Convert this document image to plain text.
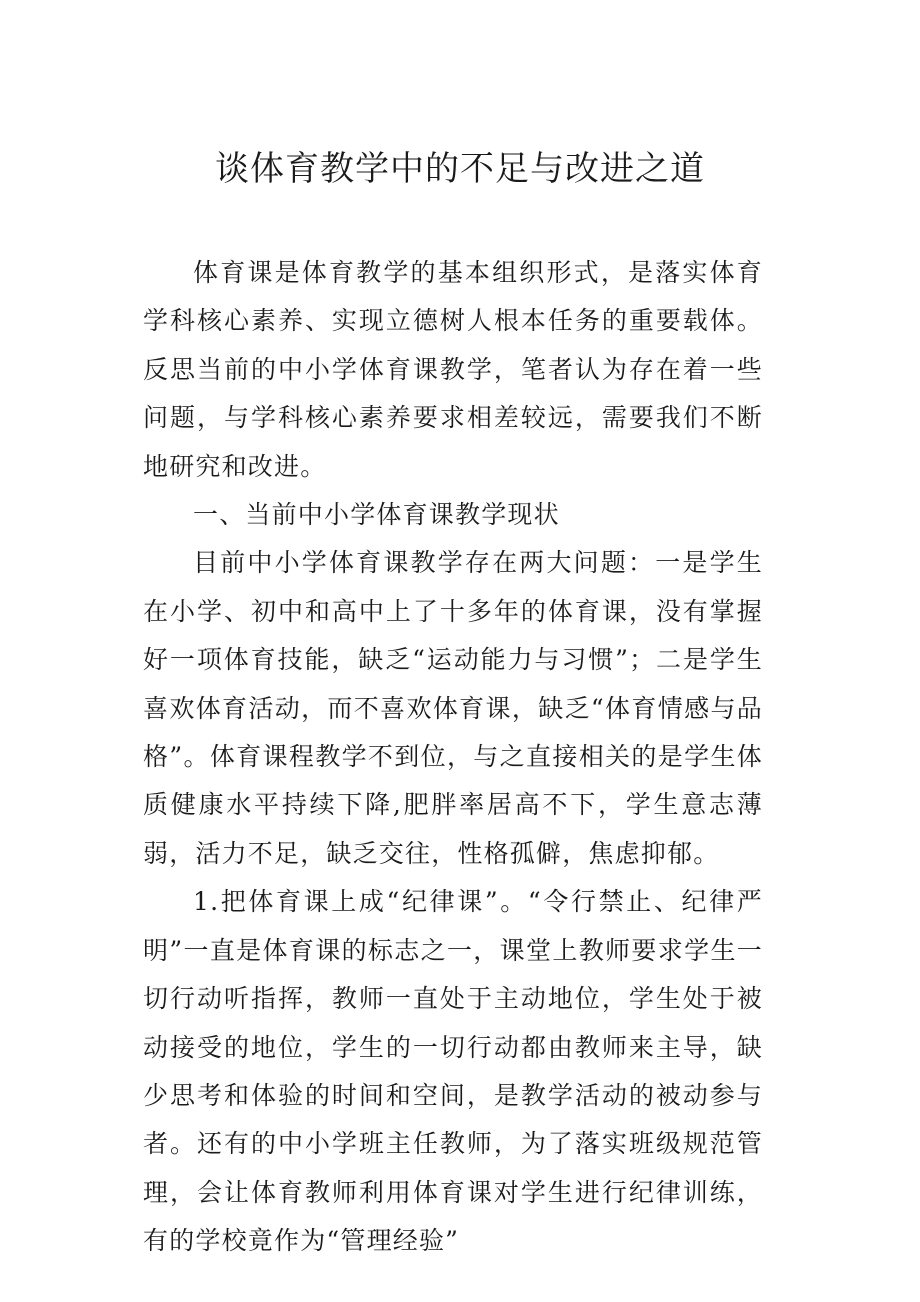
谈体育教学中的不足与改进之道

体育课是体育教学的基本组织形式，是落实体育学科核心素养、实现立德树人根本任务的重要载体。反思当前的中小学体育课教学，笔者认为存在着一些问题，与学科核心素养要求相差较远，需要我们不断地研究和改进。

一、当前中小学体育课教学现状

目前中小学体育课教学存在两大问题：一是学生在小学、初中和高中上了十多年的体育课，没有掌握好一项体育技能，缺乏“运动能力与习惯”；二是学生喜欢体育活动，而不喜欢体育课，缺乏“体育情感与品格”。体育课程教学不到位，与之直接相关的是学生体质健康水平持续下降,肥胖率居高不下，学生意志薄弱，活力不足，缺乏交往，性格孤僻，焦虑抑郁。

1.把体育课上成“纪律课”。“令行禁止、纪律严明”一直是体育课的标志之一，课堂上教师要求学生一切行动听指挥，教师一直处于主动地位，学生处于被动接受的地位，学生的一切行动都由教师来主导，缺少思考和体验的时间和空间，是教学活动的被动参与者。还有的中小学班主任教师，为了落实班级规范管理，会让体育教师利用体育课对学生进行纪律训练，有的学校竟作为“管理经验”
